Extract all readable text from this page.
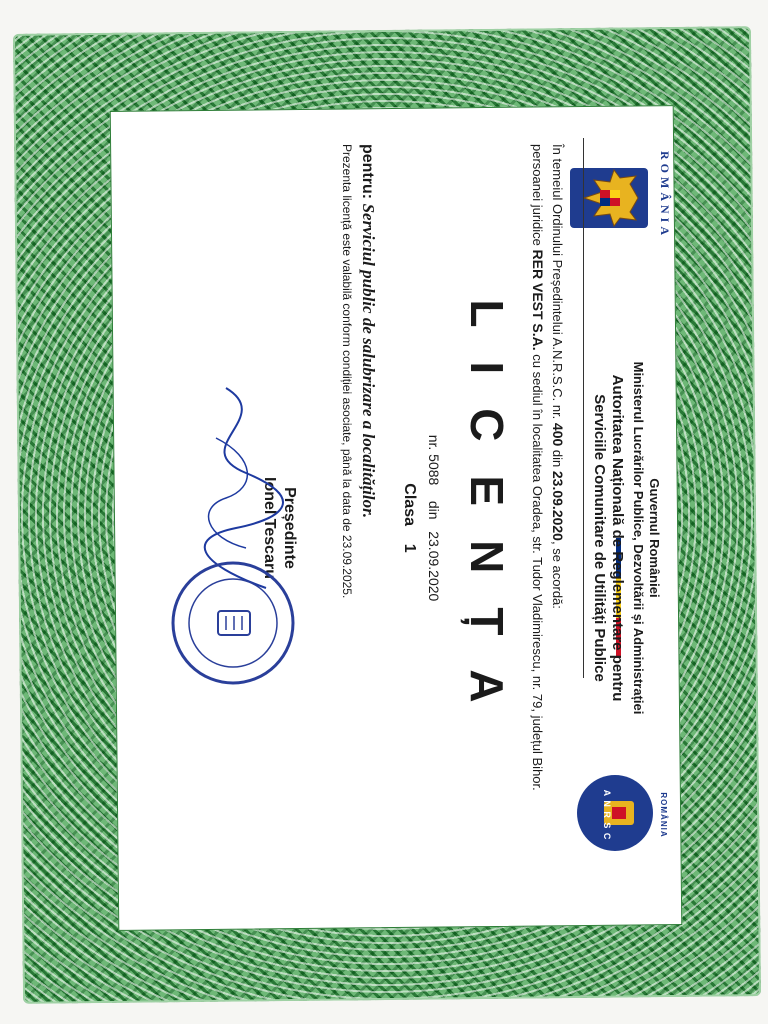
ROMÂNIA
Guvernul României
Ministerul Lucrărilor Publice, Dezvoltării și Administrației
Autoritatea Națională de Reglementare pentru
Serviciile Comunitare de Utilități Publice
ROMÂNIA
A N R S C
În temeiul Ordinului Președintelui A.N.R.S.C. nr. 400 din 23.09.2020, se acordă:
persoanei juridice RER VEST S.A. cu sediul în localitatea Oradea, str. Tudor Vladimirescu, nr. 79, județul Bihor.
LICENȚA
nr. 5088    din   23.09.2020
Clasa    1
pentru: Serviciul public de salubrizare a localităților.
Prezenta licență este valabilă conform condiției asociate, până la data de 23.09.2025.
Președinte
Ionel Tescaru
